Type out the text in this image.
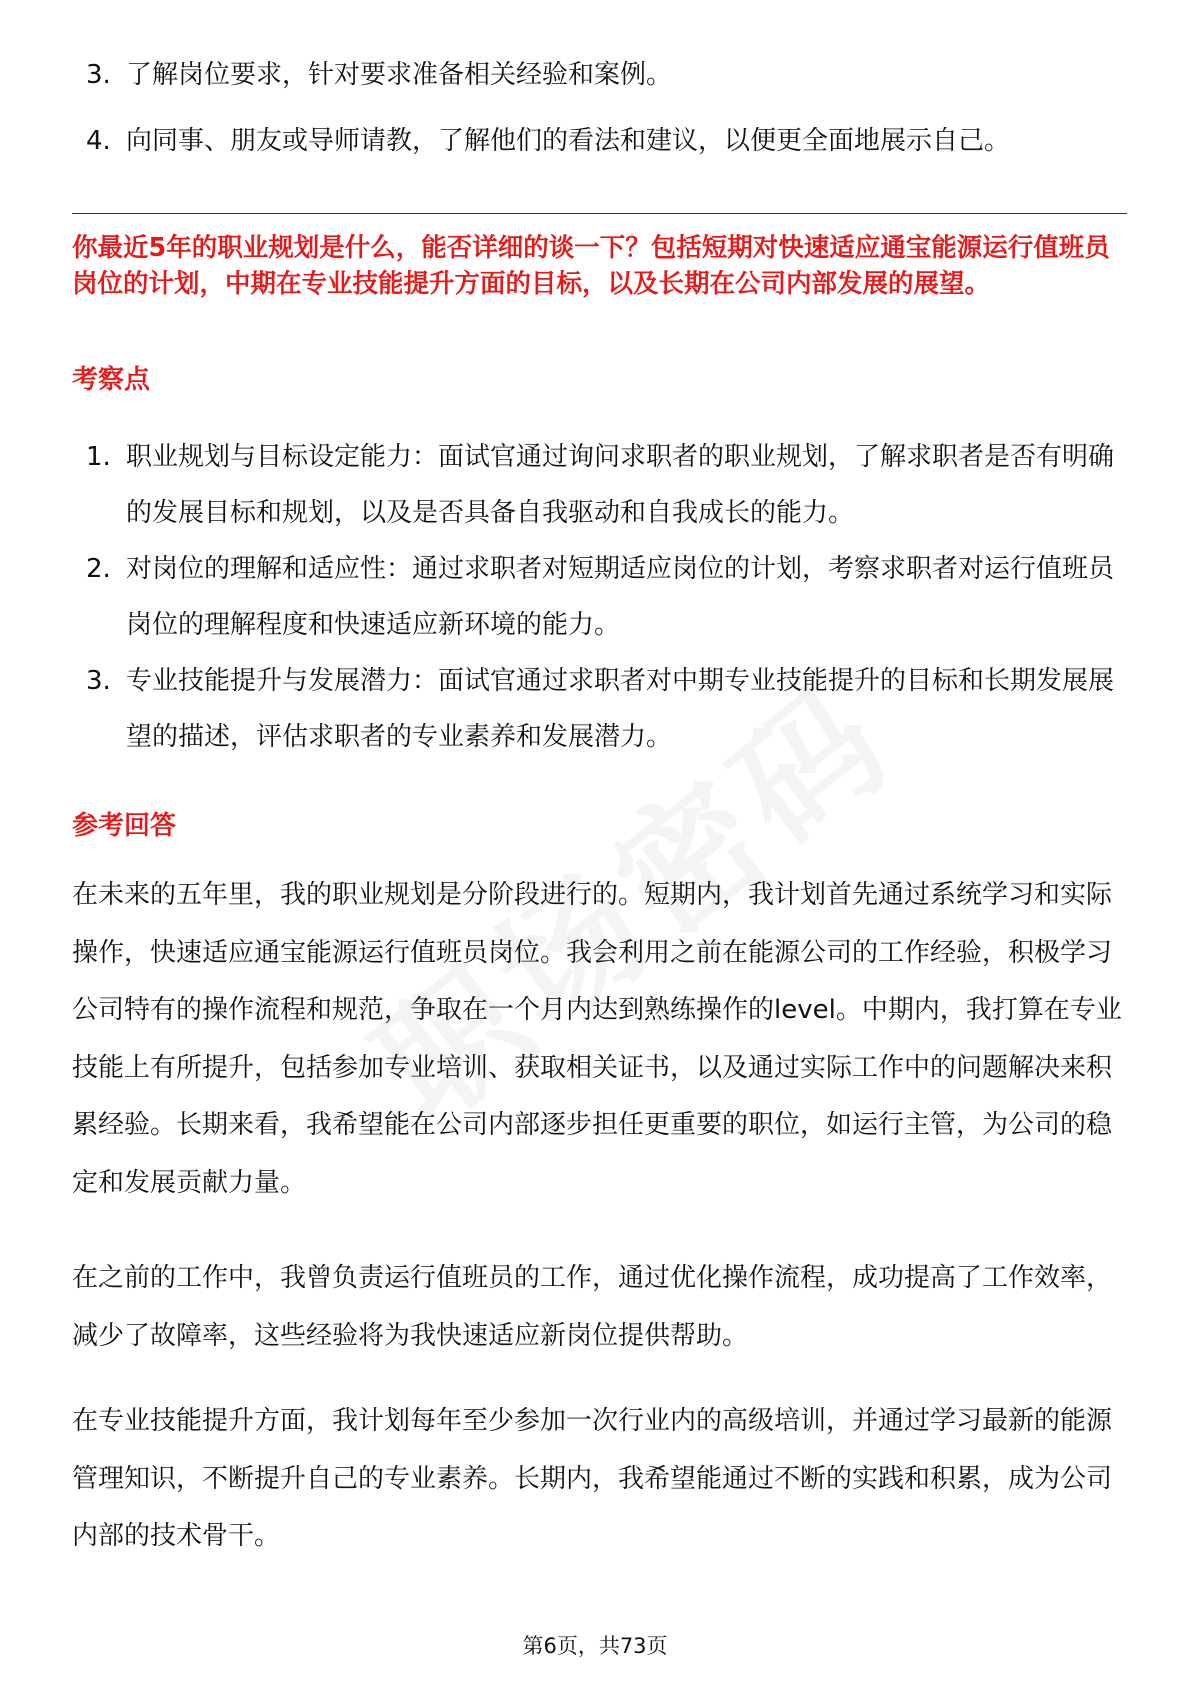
3. 了解岗位要求，针对要求准备相关经验和案例。
4. 向同事、朋友或导师请教，了解他们的看法和建议，以便更全面地展示自己。

你最近5年的职业规划是什么，能否详细的谈一下？包括短期对快速适应通宝能源运行值班员岗位的计划，中期在专业技能提升方面的目标，以及长期在公司内部发展的展望。

考察点
1. 职业规划与目标设定能力：面试官通过询问求职者的职业规划，了解求职者是否有明确的发展目标和规划，以及是否具备自我驱动和自我成长的能力。
2. 对岗位的理解和适应性：通过求职者对短期适应岗位的计划，考察求职者对运行值班员岗位的理解程度和快速适应新环境的能力。
3. 专业技能提升与发展潜力：面试官通过求职者对中期专业技能提升的目标和长期发展展望的描述，评估求职者的专业素养和发展潜力。
参考回答

在未来的五年里，我的职业规划是分阶段进行的。短期内，我计划首先通过系统学习和实际操作，快速适应通宝能源运行值班员岗位。我会利用之前在能源公司的工作经验，积极学习公司特有的操作流程和规范，争取在一个月内达到熟练操作的level。中期内，我打算在专业技能上有所提升，包括参加专业培训、获取相关证书，以及通过实际工作中的问题解决来积累经验。长期来看，我希望能在公司内部逐步担任更重要的职位，如运行主管，为公司的稳定和发展贡献力量。

在之前的工作中，我曾负责运行值班员的工作，通过优化操作流程，成功提高了工作效率，减少了故障率，这些经验将为我快速适应新岗位提供帮助。

在专业技能提升方面，我计划每年至少参加一次行业内的高级培训，并通过学习最新的能源管理知识，不断提升自己的专业素养。长期内，我希望能通过不断的实践和积累，成为公司内部的技术骨干。

第6页，共73页
